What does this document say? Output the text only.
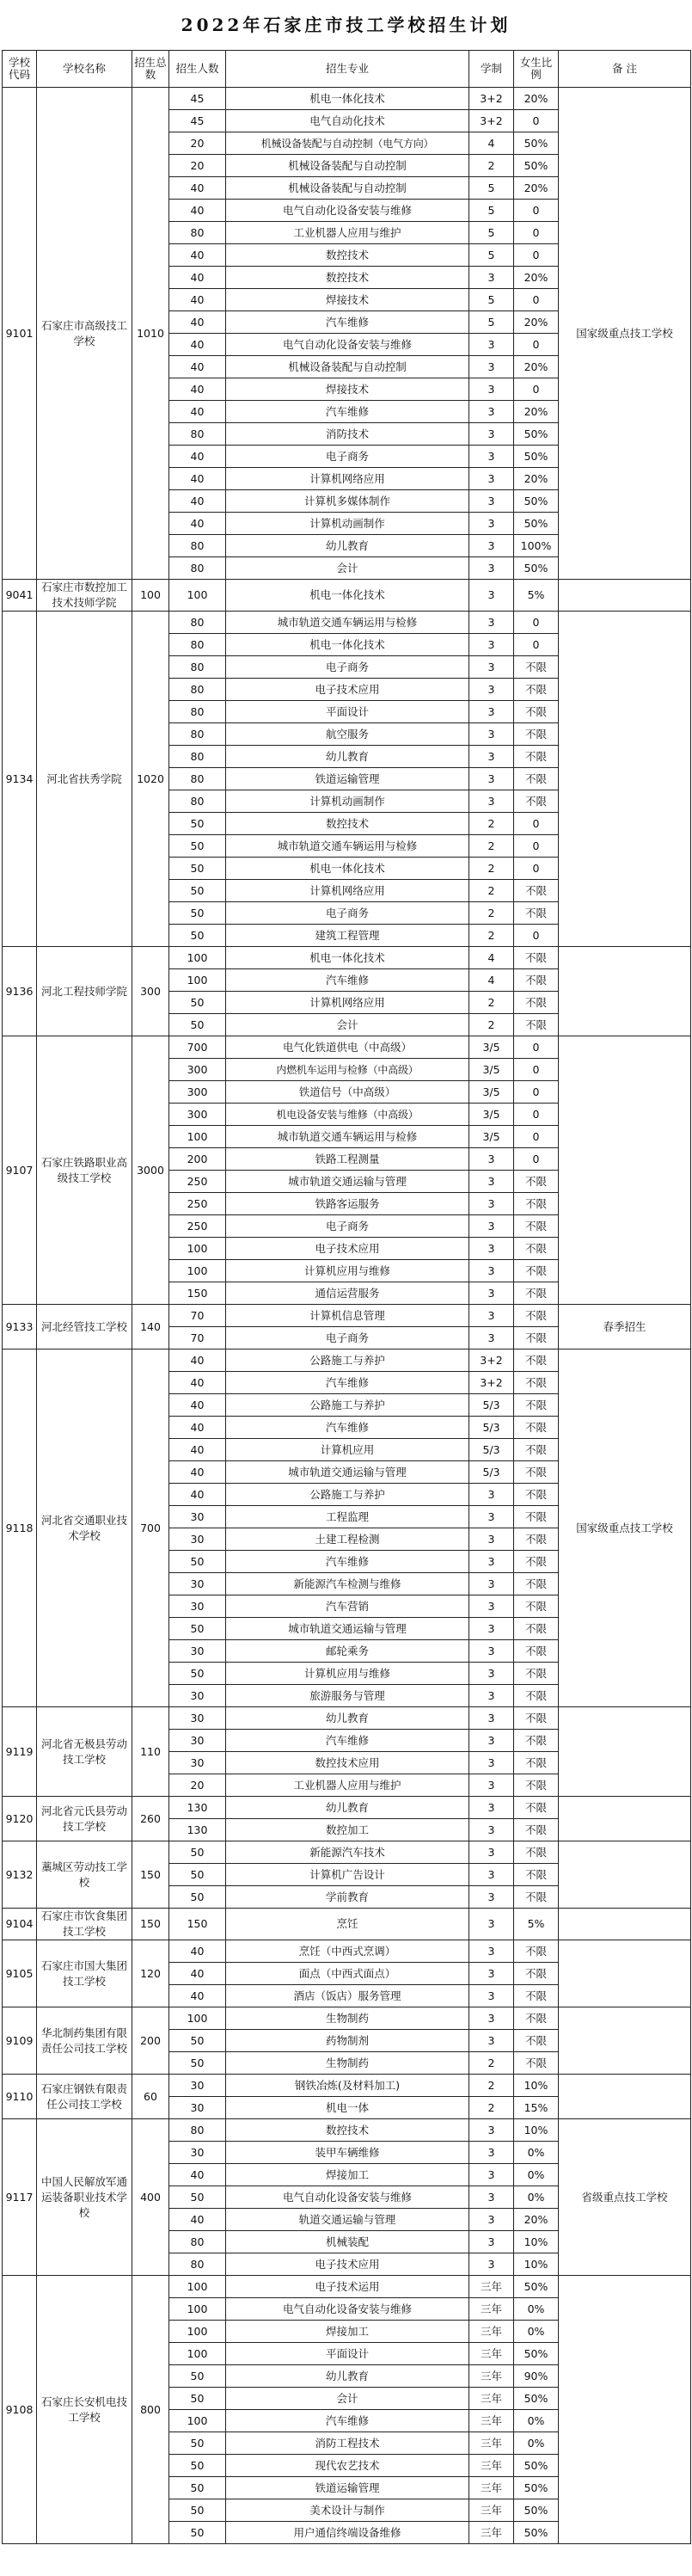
2022年石家庄市技工学校招生计划
学校代码	学校名称	招生总数	招生人数	招生专业	学制	女生比例	备 注
9101	石家庄市高级技工学校	1010	45	机电一体化技术	3+2	20%	国家级重点技工学校
			45	电气自动化技术	3+2	0	
			20	机械设备装配与自动控制（电气方向）	4	50%	
			20	机械设备装配与自动控制	2	50%	
			40	机械设备装配与自动控制	5	20%	
			40	电气自动化设备安装与维修	5	0	
			80	工业机器人应用与维护	5	0	
			40	数控技术	5	0	
			40	数控技术	3	20%	
			40	焊接技术	5	0	
			40	汽车维修	5	20%	
			40	电气自动化设备安装与维修	3	0	
			40	机械设备装配与自动控制	3	20%	
			40	焊接技术	3	0	
			40	汽车维修	3	20%	
			80	消防技术	3	50%	
			40	电子商务	3	50%	
			40	计算机网络应用	3	20%	
			40	计算机多媒体制作	3	50%	
			40	计算机动画制作	3	50%	
			80	幼儿教育	3	100%	
			80	会计	3	50%	
9041	石家庄市数控加工技术技师学院	100	100	机电一体化技术	3	5%	
9134	河北省扶秀学院	1020	80	城市轨道交通车辆运用与检修	3	0	
			80	机电一体化技术	3	0	
			80	电子商务	3	不限	
			80	电子技术应用	3	不限	
			80	平面设计	3	不限	
			80	航空服务	3	不限	
			80	幼儿教育	3	不限	
			80	铁道运输管理	3	不限	
			80	计算机动画制作	3	不限	
			50	数控技术	2	0	
			50	城市轨道交通车辆运用与检修	2	0	
			50	机电一体化技术	2	0	
			50	计算机网络应用	2	不限	
			50	电子商务	2	不限	
			50	建筑工程管理	2	0	
9136	河北工程技师学院	300	100	机电一体化技术	4	不限	
			100	汽车维修	4	不限	
			50	计算机网络应用	2	不限	
			50	会计	2	不限	
9107	石家庄铁路职业高级技工学校	3000	700	电气化铁道供电（中高级）	3/5	0	
			300	内燃机车运用与检修（中高级）	3/5	0	
			300	铁道信号（中高级）	3/5	0	
			300	机电设备安装与维修（中高级）	3/5	0	
			100	城市轨道交通车辆运用与检修	3/5	0	
			200	铁路工程测量	3	0	
			250	城市轨道交通运输与管理	3	不限	
			250	铁路客运服务	3	不限	
			250	电子商务	3	不限	
			100	电子技术应用	3	不限	
			100	计算机应用与维修	3	不限	
			150	通信运营服务	3	不限	
9133	河北经管技工学校	140	70	计算机信息管理	3	不限	春季招生
			70	电子商务	3	不限	
9118	河北省交通职业技术学校	700	40	公路施工与养护	3+2	不限	国家级重点技工学校
			40	汽车维修	3+2	不限	
			40	公路施工与养护	5/3	不限	
			40	汽车维修	5/3	不限	
			40	计算机应用	5/3	不限	
			40	城市轨道交通运输与管理	5/3	不限	
			40	公路施工与养护	3	不限	
			30	工程监理	3	不限	
			30	土建工程检测	3	不限	
			50	汽车维修	3	不限	
			30	新能源汽车检测与维修	3	不限	
			30	汽车营销	3	不限	
			50	城市轨道交通运输与管理	3	不限	
			30	邮轮乘务	3	不限	
			50	计算机应用与维修	3	不限	
			30	旅游服务与管理	3	不限	
9119	河北省无极县劳动技工学校	110	30	幼儿教育	3	不限	
			30	汽车维修	3	不限	
			30	数控技术应用	3	不限	
			20	工业机器人应用与维护	3	不限	
9120	河北省元氏县劳动技工学校	260	130	幼儿教育	3	不限	
			130	数控加工	3	不限	
9132	藁城区劳动技工学校	150	50	新能源汽车技术	3	不限	
			50	计算机广告设计	3	不限	
			50	学前教育	3	不限	
9104	石家庄市饮食集团技工学校	150	150	烹饪	3	5%	
9105	石家庄市国大集团技工学校	120	40	烹饪（中西式烹调）	3	不限	
			40	面点（中西式面点）	3	不限	
			40	酒店（饭店）服务管理	3	不限	
9109	华北制药集团有限责任公司技工学校	200	100	生物制药	3	不限	
			50	药物制剂	3	不限	
			50	生物制药	2	不限	
9110	石家庄钢铁有限责任公司技工学校	60	30	钢铁冶炼(及材料加工)	2	10%	
			30	机电一体	2	15%	
9117	中国人民解放军通运装备职业技术学校	400	80	数控技术	3	10%	省级重点技工学校
			30	装甲车辆维修	3	0%	
			40	焊接加工	3	0%	
			50	电气自动化设备安装与维修	3	0%	
			40	轨道交通运输与管理	3	20%	
			80	机械装配	3	10%	
			80	电子技术应用	3	10%	
9108	石家庄长安机电技工学校	800	100	电子技术运用	三年	50%	
			100	电气自动化设备安装与维修	三年	0%	
			100	焊接加工	三年	0%	
			100	平面设计	三年	50%	
			50	幼儿教育	三年	90%	
			50	会计	三年	50%	
			100	汽车维修	三年	0%	
			50	消防工程技术	三年	0%	
			50	现代农艺技术	三年	50%	
			50	铁道运输管理	三年	50%	
			50	美术设计与制作	三年	50%	
			50	用户通信终端设备维修	三年	50%	
